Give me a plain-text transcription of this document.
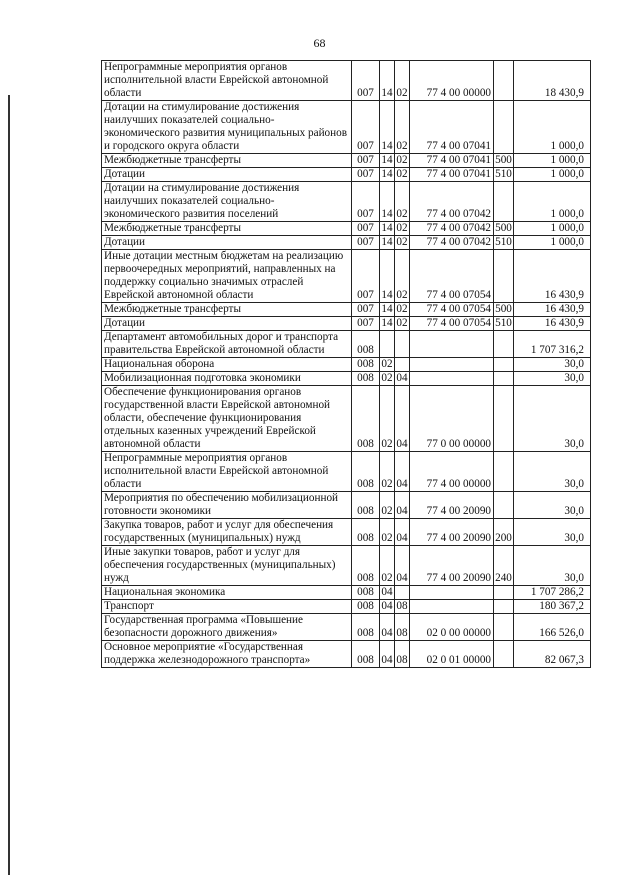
68
Непрограммные мероприятия органов исполнительной власти Еврейской автономной области	007	14	02	77 4 00 00000		18 430,9
Дотации на стимулирование достижения наилучших показателей социально-экономического развития муниципальных районов и городского округа области	007	14	02	77 4 00 07041		1 000,0
Межбюджетные трансферты	007	14	02	77 4 00 07041	500	1 000,0
Дотации	007	14	02	77 4 00 07041	510	1 000,0
Дотации на стимулирование достижения наилучших показателей социально-экономического развития поселений	007	14	02	77 4 00 07042		1 000,0
Межбюджетные трансферты	007	14	02	77 4 00 07042	500	1 000,0
Дотации	007	14	02	77 4 00 07042	510	1 000,0
Иные дотации местным бюджетам на реализацию первоочередных мероприятий, направленных на поддержку социально значимых отраслей Еврейской автономной области	007	14	02	77 4 00 07054		16 430,9
Межбюджетные трансферты	007	14	02	77 4 00 07054	500	16 430,9
Дотации	007	14	02	77 4 00 07054	510	16 430,9
Департамент автомобильных дорог и транспорта правительства Еврейской автономной области	008					1 707 316,2
Национальная оборона	008	02				30,0
Мобилизационная подготовка экономики	008	02	04			30,0
Обеспечение функционирования органов государственной власти Еврейской автономной области, обеспечение функционирования отдельных казенных учреждений Еврейской автономной области	008	02	04	77 0 00 00000		30,0
Непрограммные мероприятия органов исполнительной власти Еврейской автономной области	008	02	04	77 4 00 00000		30,0
Мероприятия по обеспечению мобилизационной готовности экономики	008	02	04	77 4 00 20090		30,0
Закупка товаров, работ и услуг для обеспечения государственных (муниципальных) нужд	008	02	04	77 4 00 20090	200	30,0
Иные закупки товаров, работ и услуг для обеспечения государственных (муниципальных) нужд	008	02	04	77 4 00 20090	240	30,0
Национальная экономика	008	04				1 707 286,2
Транспорт	008	04	08			180 367,2
Государственная программа «Повышение безопасности дорожного движения»	008	04	08	02 0 00 00000		166 526,0
Основное мероприятие «Государственная поддержка железнодорожного транспорта»	008	04	08	02 0 01 00000		82 067,3
